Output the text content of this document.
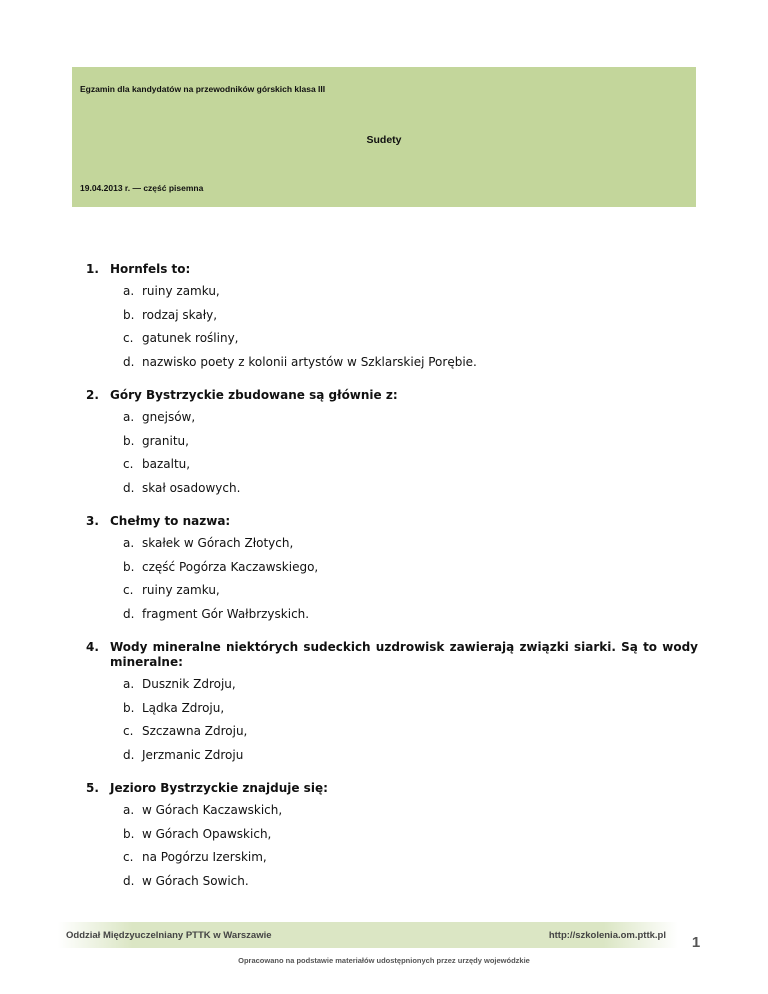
Egzamin dla kandydatów na przewodników górskich klasa III
Sudety
19.04.2013 r. — część pisemna
1. Hornfels to:
a. ruiny zamku,
b. rodzaj skały,
c. gatunek rośliny,
d. nazwisko poety z kolonii artystów w Szklarskiej Porębie.
2. Góry Bystrzyckie zbudowane są głównie z:
a. gnejsów,
b. granitu,
c. bazaltu,
d. skał osadowych.
3. Chełmy to nazwa:
a. skałek w Górach Złotych,
b. część Pogórza Kaczawskiego,
c. ruiny zamku,
d. fragment Gór Wałbrzyskich.
4. Wody mineralne niektórych sudeckich uzdrowisk zawierają związki siarki. Są to wody mineralne:
a. Dusznik Zdroju,
b. Lądka Zdroju,
c. Szczawna Zdroju,
d. Jerzmanic Zdroju
5. Jezioro Bystrzyckie znajduje się:
a. w Górach Kaczawskich,
b. w Górach Opawskich,
c. na Pogórzu Izerskim,
d. w Górach Sowich.
Oddział Międzyuczelniany PTTK w Warszawie	http://szkolenia.om.pttk.pl	1
Opracowano na podstawie materiałów udostępnionych przez urzędy wojewódzkie
